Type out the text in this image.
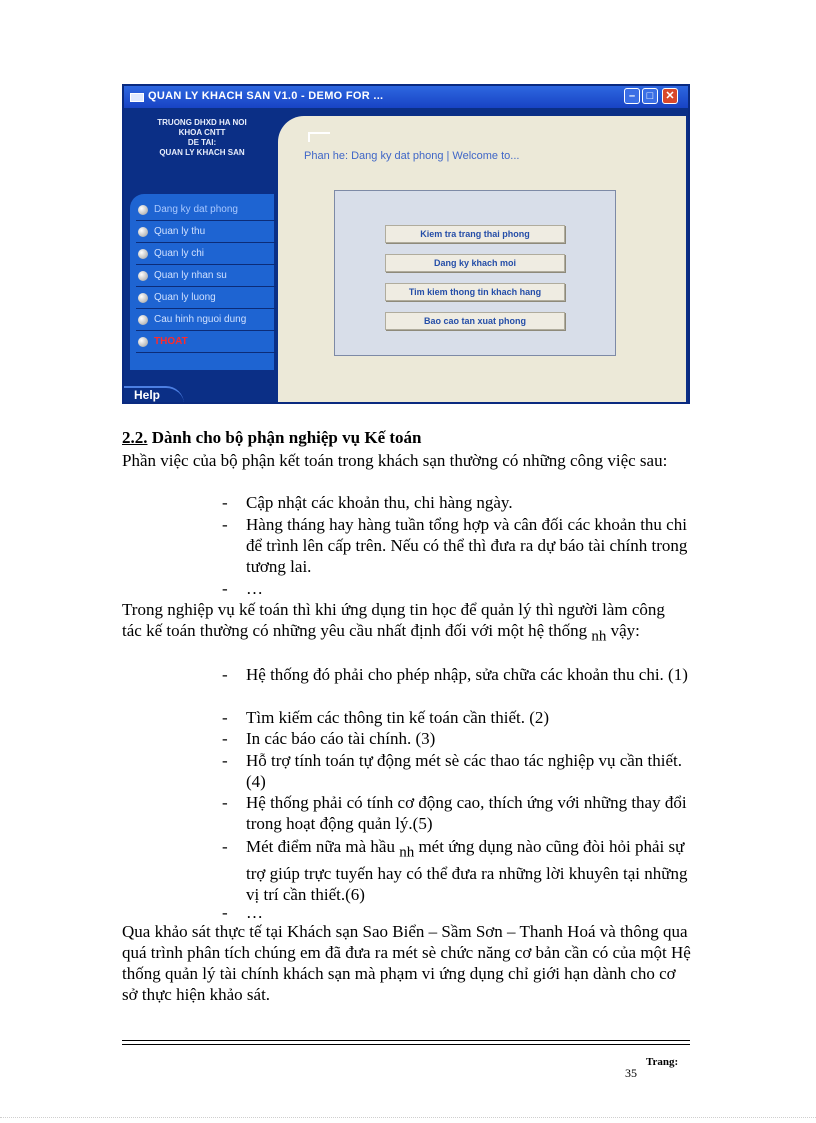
QUAN LY KHACH SAN V1.0 - DEMO FOR ...	–	□	✕
TRUONG DHXD HA NOI
KHOA CNTT
DE TAI:
QUAN LY KHACH SAN
Dang ky dat phong
Quan ly thu
Quan ly chi
Quan ly nhan su
Quan ly luong
Cau hinh nguoi dung
THOAT
Help
Phan he: Dang ky dat phong | Welcome to...
Kiem tra trang thai phong
Dang ky khach moi
Tim kiem thong tin khach hang
Bao cao tan xuat phong
2.2. Dành cho bộ phận nghiệp vụ Kế toán
Phần việc của bộ phận kết toán trong khách sạn thường có những công việc sau:
- Cập nhật các khoản thu, chi hàng ngày.
- Hàng tháng hay hàng tuần tổng hợp và cân đối các khoản thu chi để trình lên cấp trên. Nếu có thể thì đưa ra dự báo tài chính trong tương lai.
- …
Trong nghiệp vụ kế toán thì khi ứng dụng tin học để quản lý thì người làm công tác kế toán thường có những yêu cầu nhất định đối với một hệ thống $_{nh}$ vậy:
- Hệ thống đó phải cho phép nhập, sửa chữa các khoản thu chi. (1)
- Tìm kiếm các thông tin kế toán cần thiết. (2)
- In các báo cáo tài chính. (3)
- Hỗ trợ tính toán tự động mét sè các thao tác nghiệp vụ cần thiết.(4)
- Hệ thống phải có tính cơ động cao, thích ứng với những thay đổi trong hoạt động quản lý.(5)
- Mét điểm nữa mà hầu $_{nh}$ mét ứng dụng nào cũng đòi hỏi phải sự trợ giúp trực tuyến hay có thể đưa ra những lời khuyên tại những vị trí cần thiết.(6)
- …
Qua khảo sát thực tế tại Khách sạn Sao Biển – Sầm Sơn – Thanh Hoá và thông qua quá trình phân tích chúng em đã đưa ra mét sè chức năng cơ bản cần có của một Hệ thống quản lý tài chính khách sạn mà phạm vi ứng dụng chỉ giới hạn dành cho cơ sở thực hiện khảo sát.
Trang:
35
